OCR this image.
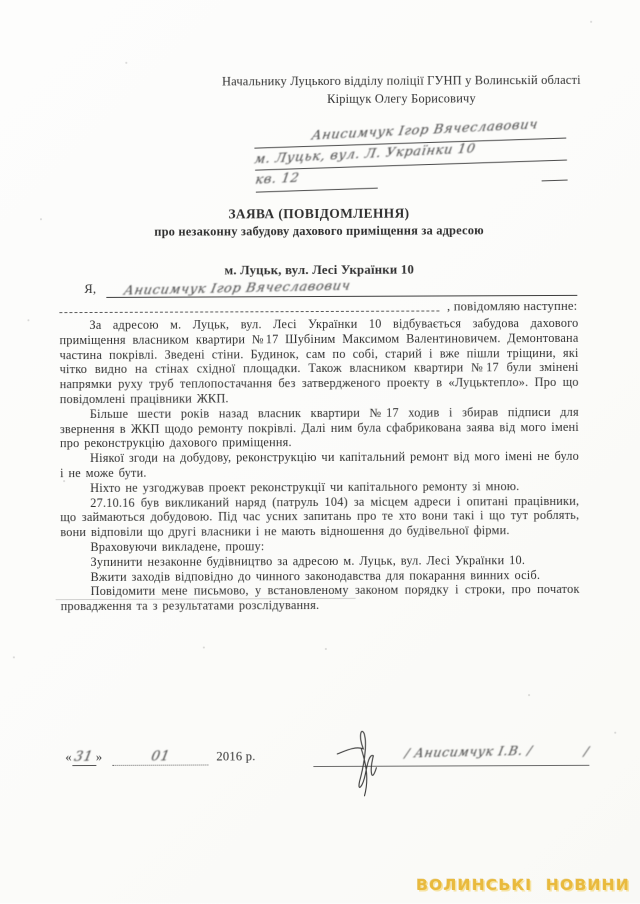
Начальнику Луцького відділу поліції ГУНП у Волинській області
Кіріщук Олегу Борисовичу
Анисимчук Ігор Вячеславович
м. Луцьк, вул. Л. Українки 10
кв. 12
ЗАЯВА (ПОВІДОМЛЕННЯ)
про незаконну забудову дахового приміщення за адресою
м. Луцьк, вул. Лесі Українки 10
Я,	Анисимчук Ігор Вячеславович
, повідомляю наступне:

За адресою м. Луцьк, вул. Лесі Українки 10 відбувається забудова дахового приміщення власником квартири №17 Шубіним Максимом Валентиновичем. Демонтована частина покрівлі. Зведені стіни. Будинок, сам по собі, старий і вже пішли тріщини, які чітко видно на стінах східної площадки. Також власником квартири №17 були змінені напрямки руху труб теплопостачання без затвердженого проекту в «Луцьктепло». Про що повідомлені працівники ЖКП.

Більше шести років назад власник квартири №17 ходив і збирав підписи для звернення в ЖКП щодо ремонту покрівлі. Далі ним була сфабрикована заява від мого імені про реконструкцію дахового приміщення.

Ніякої згоди на добудову, реконструкцію чи капітальний ремонт від мого імені не було і не може бути.

Ніхто не узгоджував проект реконструкції чи капітального ремонту зі мною.

27.10.16 був викликаний наряд (патруль 104) за місцем адреси і опитані працівники, що займаються добудовою. Під час усних запитань про те хто вони такі і що тут роблять, вони відповіли що другі власники і не мають відношення до будівельної фірми.

Враховуючи викладене, прошу:

Зупинити незаконне будівництво за адресою м. Луцьк, вул. Лесі Українки 10.

Вжити заходів відповідно до чинного законодавства для покарання винних осіб.

Повідомити мене письмово, у встановленому законом порядку і строки, про початок провадження та з результатами розслідування.

«31»	01	2016 р.	/ Анисимчук І.В. /	/
ВОЛИНСЬКІ НОВИНИ
